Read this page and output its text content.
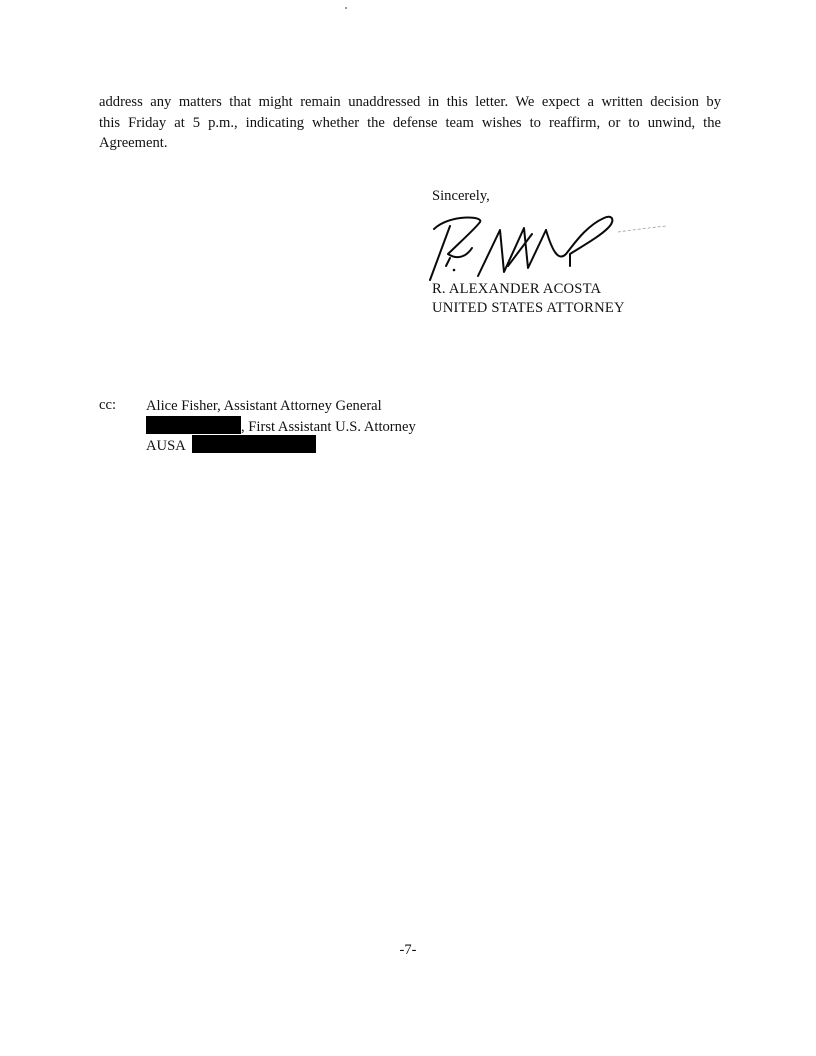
address any matters that might remain unaddressed in this letter. We expect a written decision by
this Friday at 5 p.m., indicating whether the defense team wishes to reaffirm, or to unwind, the
Agreement.

Sincerely,
R. ALEXANDER ACOSTA
UNITED STATES ATTORNEY
cc: Alice Fisher, Assistant Attorney General
, First Assistant U.S. Attorney
AUSA
-7-
